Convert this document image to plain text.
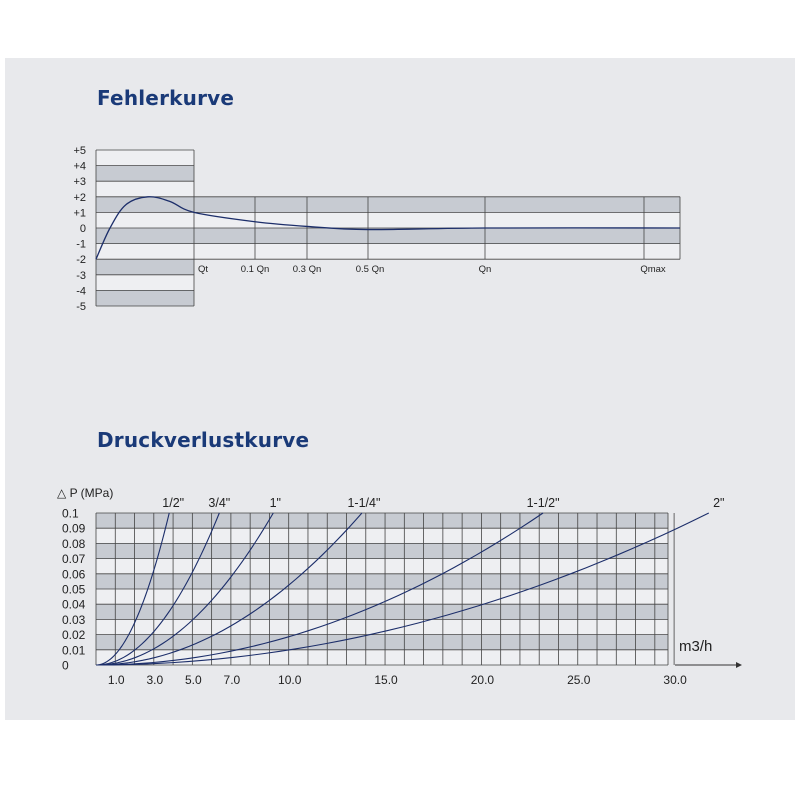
Fehlerkurve
Druckverlustkurve
+5
+4
+3
+2
+1
0
-1
-2
-3
-4
-5
Qt	0.1 Qn 0.3 Qn	0.5 Qn	Qn	Qmax
0.1
0.09
0.08
0.07
0.06
0.05
0.04
0.03
0.02
0.01
0
△ P (MPa)
1.0 3.0 5.0 7.0	10.0	15.0	20.0	25.0	30.0
m3/h
1/2" 3/4"	1"	1-1/4"	1-1/2"	2"
